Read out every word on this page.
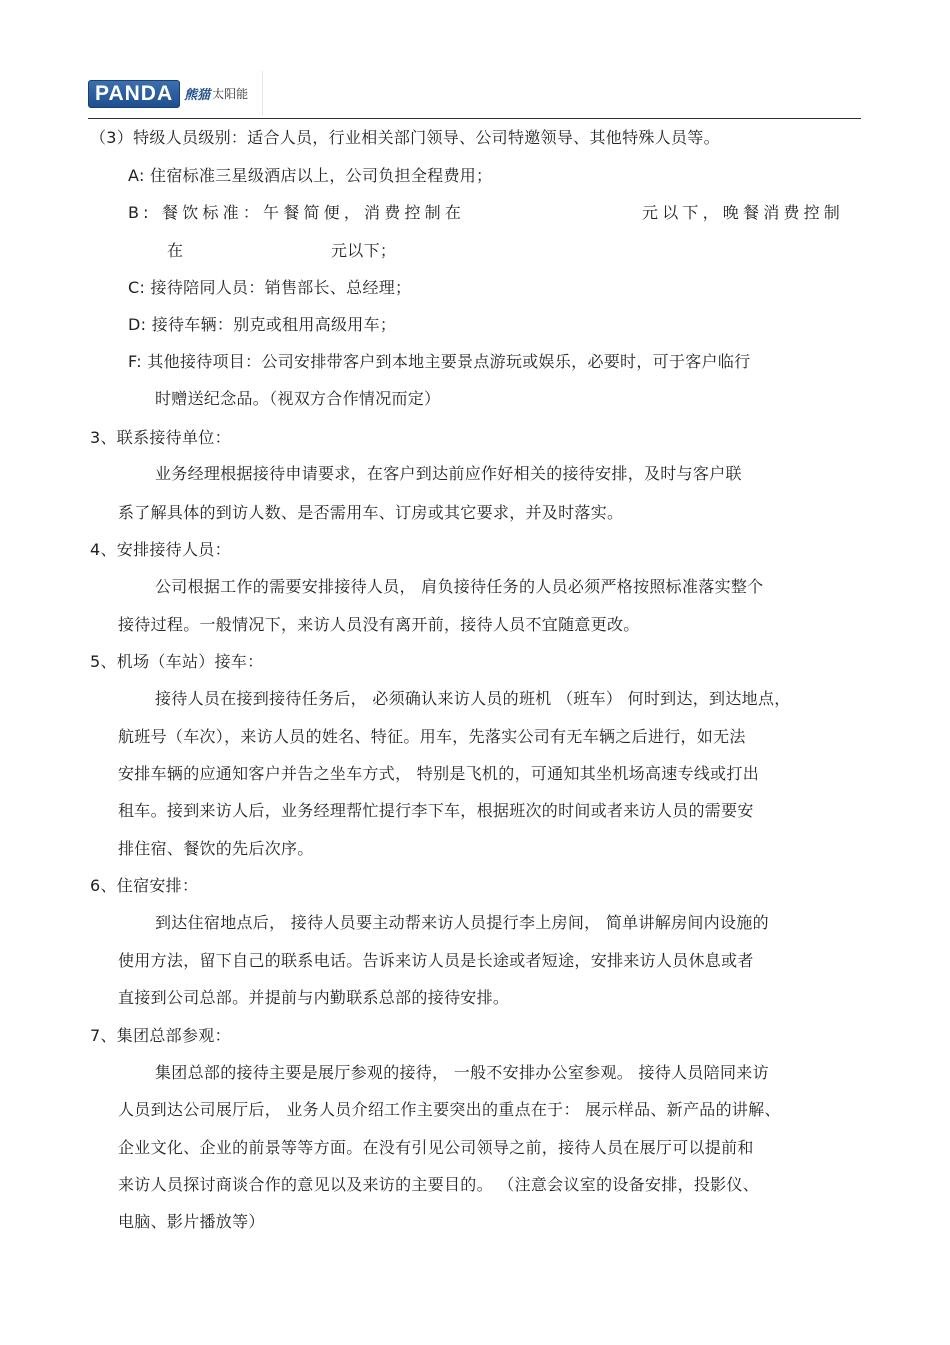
PANDA 熊猫 太阳能
（3）特级人员级别：适合人员，行业相关部门领导、公司特邀领导、其他特殊人员等。
A: 住宿标准三星级酒店以上，公司负担全程费用；
B: 餐饮标准：午餐简便，消费控制在	元以下，晚餐消费控制
在	元以下；
C: 接待陪同人员：销售部长、总经理；
D: 接待车辆：别克或租用高级用车；
F: 其他接待项目：公司安排带客户到本地主要景点游玩或娱乐，必要时，可于客户临行
时赠送纪念品。（视双方合作情况而定）
3、联系接待单位：
业务经理根据接待申请要求，在客户到达前应作好相关的接待安排，及时与客户联
系了解具体的到访人数、是否需用车、订房或其它要求，并及时落实。
4、安排接待人员：
公司根据工作的需要安排接待人员， 肩负接待任务的人员必须严格按照标准落实整个
接待过程。一般情况下，来访人员没有离开前，接待人员不宜随意更改。
5、机场（车站）接车：
接待人员在接到接待任务后， 必须确认来访人员的班机 （班车） 何时到达，到达地点，
航班号（车次），来访人员的姓名、特征。用车，先落实公司有无车辆之后进行，如无法
安排车辆的应通知客户并告之坐车方式， 特别是飞机的，可通知其坐机场高速专线或打出
租车。接到来访人后，业务经理帮忙提行李下车，根据班次的时间或者来访人员的需要安
排住宿、餐饮的先后次序。
6、住宿安排：
到达住宿地点后， 接待人员要主动帮来访人员提行李上房间， 简单讲解房间内设施的
使用方法，留下自己的联系电话。告诉来访人员是长途或者短途，安排来访人员休息或者
直接到公司总部。并提前与内勤联系总部的接待安排。
7、集团总部参观：
集团总部的接待主要是展厅参观的接待， 一般不安排办公室参观。 接待人员陪同来访
人员到达公司展厅后， 业务人员介绍工作主要突出的重点在于： 展示样品、新产品的讲解、
企业文化、企业的前景等等方面。在没有引见公司领导之前，接待人员在展厅可以提前和
来访人员探讨商谈合作的意见以及来访的主要目的。 （注意会议室的设备安排，投影仪、
电脑、影片播放等）
